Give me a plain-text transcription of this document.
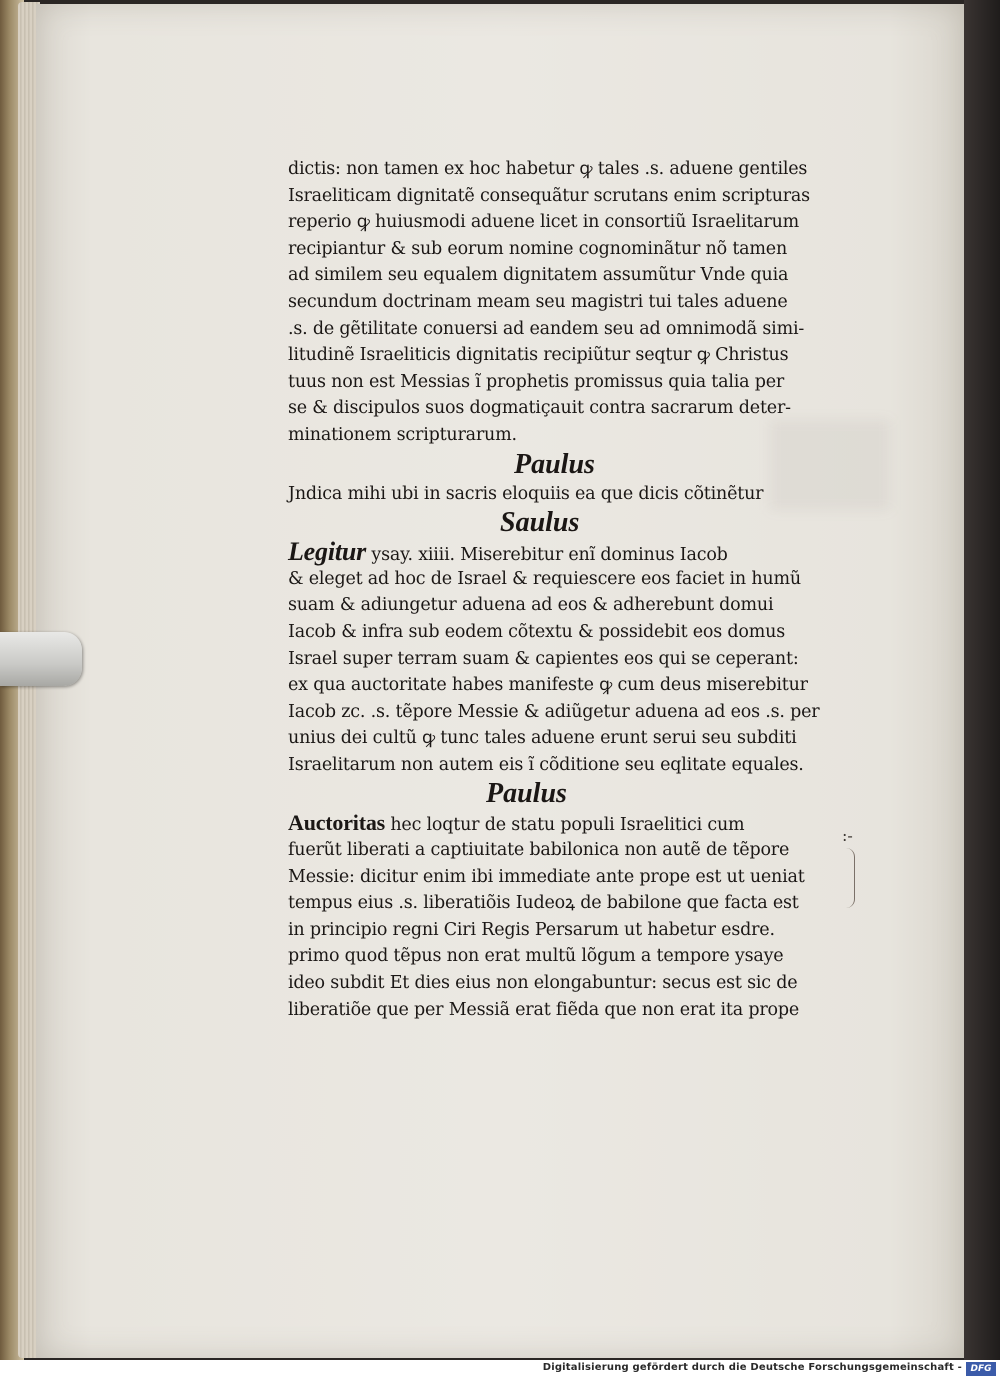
dictis: non tamen ex hoc habetur ꝙ tales .s. aduene gentiles
Israeliticam dignitatẽ consequãtur scrutans enim scripturas
reperio ꝙ huiusmodi aduene licet in consortiũ Israelitarum
recipiantur & sub eorum nomine cognominãtur nõ tamen
ad similem seu equalem dignitatem assumũtur Vnde quia
secundum doctrinam meam seu magistri tui tales aduene
.s. de gẽtilitate conuersi ad eandem seu ad omnimodã simi-
litudinẽ Israeliticis dignitatis recipiũtur seqtur ꝙ Christus
tuus non est Messias ĩ prophetis promissus quia talia per
se & discipulos suos dogmatiçauit contra sacrarum deter-
minationem scripturarum.
Paulus
Jndica mihi ubi in sacris eloquiis ea que dicis cõtinẽtur
Saulus
Legitur ysay. xiiii. Miserebitur enĩ dominus Iacob
& eleget ad hoc de Israel & requiescere eos faciet in humũ
suam & adiungetur aduena ad eos & adherebunt domui
Iacob & infra sub eodem cõtextu & possidebit eos domus
Israel super terram suam & capientes eos qui se ceperant:
ex qua auctoritate habes manifeste ꝙ cum deus miserebitur
Iacob zc. .s. tẽpore Messie & adiũgetur aduena ad eos .s. per
unius dei cultũ ꝙ tunc tales aduene erunt serui seu subditi
Israelitarum non autem eis ĩ cõditione seu eqlitate equales.
Paulus
Auctoritas hec loqtur de statu populi Israelitici cum
fuerũt liberati a captiuitate babilonica non autẽ de tẽpore
Messie: dicitur enim ibi immediate ante prope est ut ueniat
tempus eius .s. liberatiõis Iudeoꝝ de babilone que facta est
in principio regni Ciri Regis Persarum ut habetur esdre.
primo quod tẽpus non erat multũ lõgum a tempore ysaye
ideo subdit Et dies eius non elongabuntur: secus est sic de
liberatiõe que per Messiã erat fiẽda que non erat ita prope
:-
Digitalisierung gefördert durch die Deutsche Forschungsgemeinschaft - DFG
